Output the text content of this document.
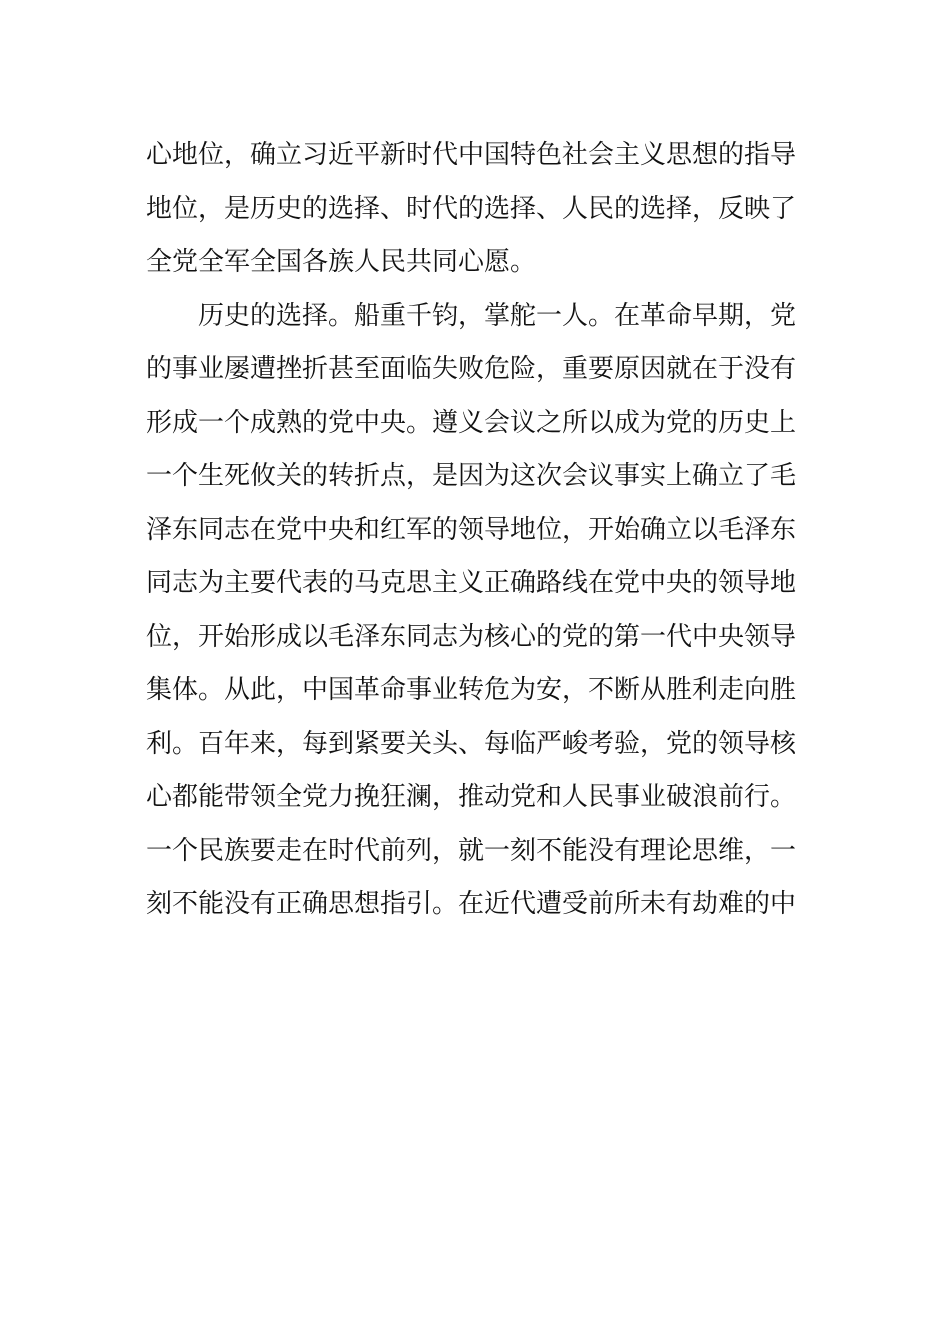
心地位，确立习近平新时代中国特色社会主义思想的指导
地位，是历史的选择、时代的选择、人民的选择，反映了
全党全军全国各族人民共同心愿。
　　历史的选择。船重千钧，掌舵一人。在革命早期，党
的事业屡遭挫折甚至面临失败危险，重要原因就在于没有
形成一个成熟的党中央。遵义会议之所以成为党的历史上
一个生死攸关的转折点，是因为这次会议事实上确立了毛
泽东同志在党中央和红军的领导地位，开始确立以毛泽东
同志为主要代表的马克思主义正确路线在党中央的领导地
位，开始形成以毛泽东同志为核心的党的第一代中央领导
集体。从此，中国革命事业转危为安，不断从胜利走向胜
利。百年来，每到紧要关头、每临严峻考验，党的领导核
心都能带领全党力挽狂澜，推动党和人民事业破浪前行。
一个民族要走在时代前列，就一刻不能没有理论思维，一
刻不能没有正确思想指引。在近代遭受前所未有劫难的中
